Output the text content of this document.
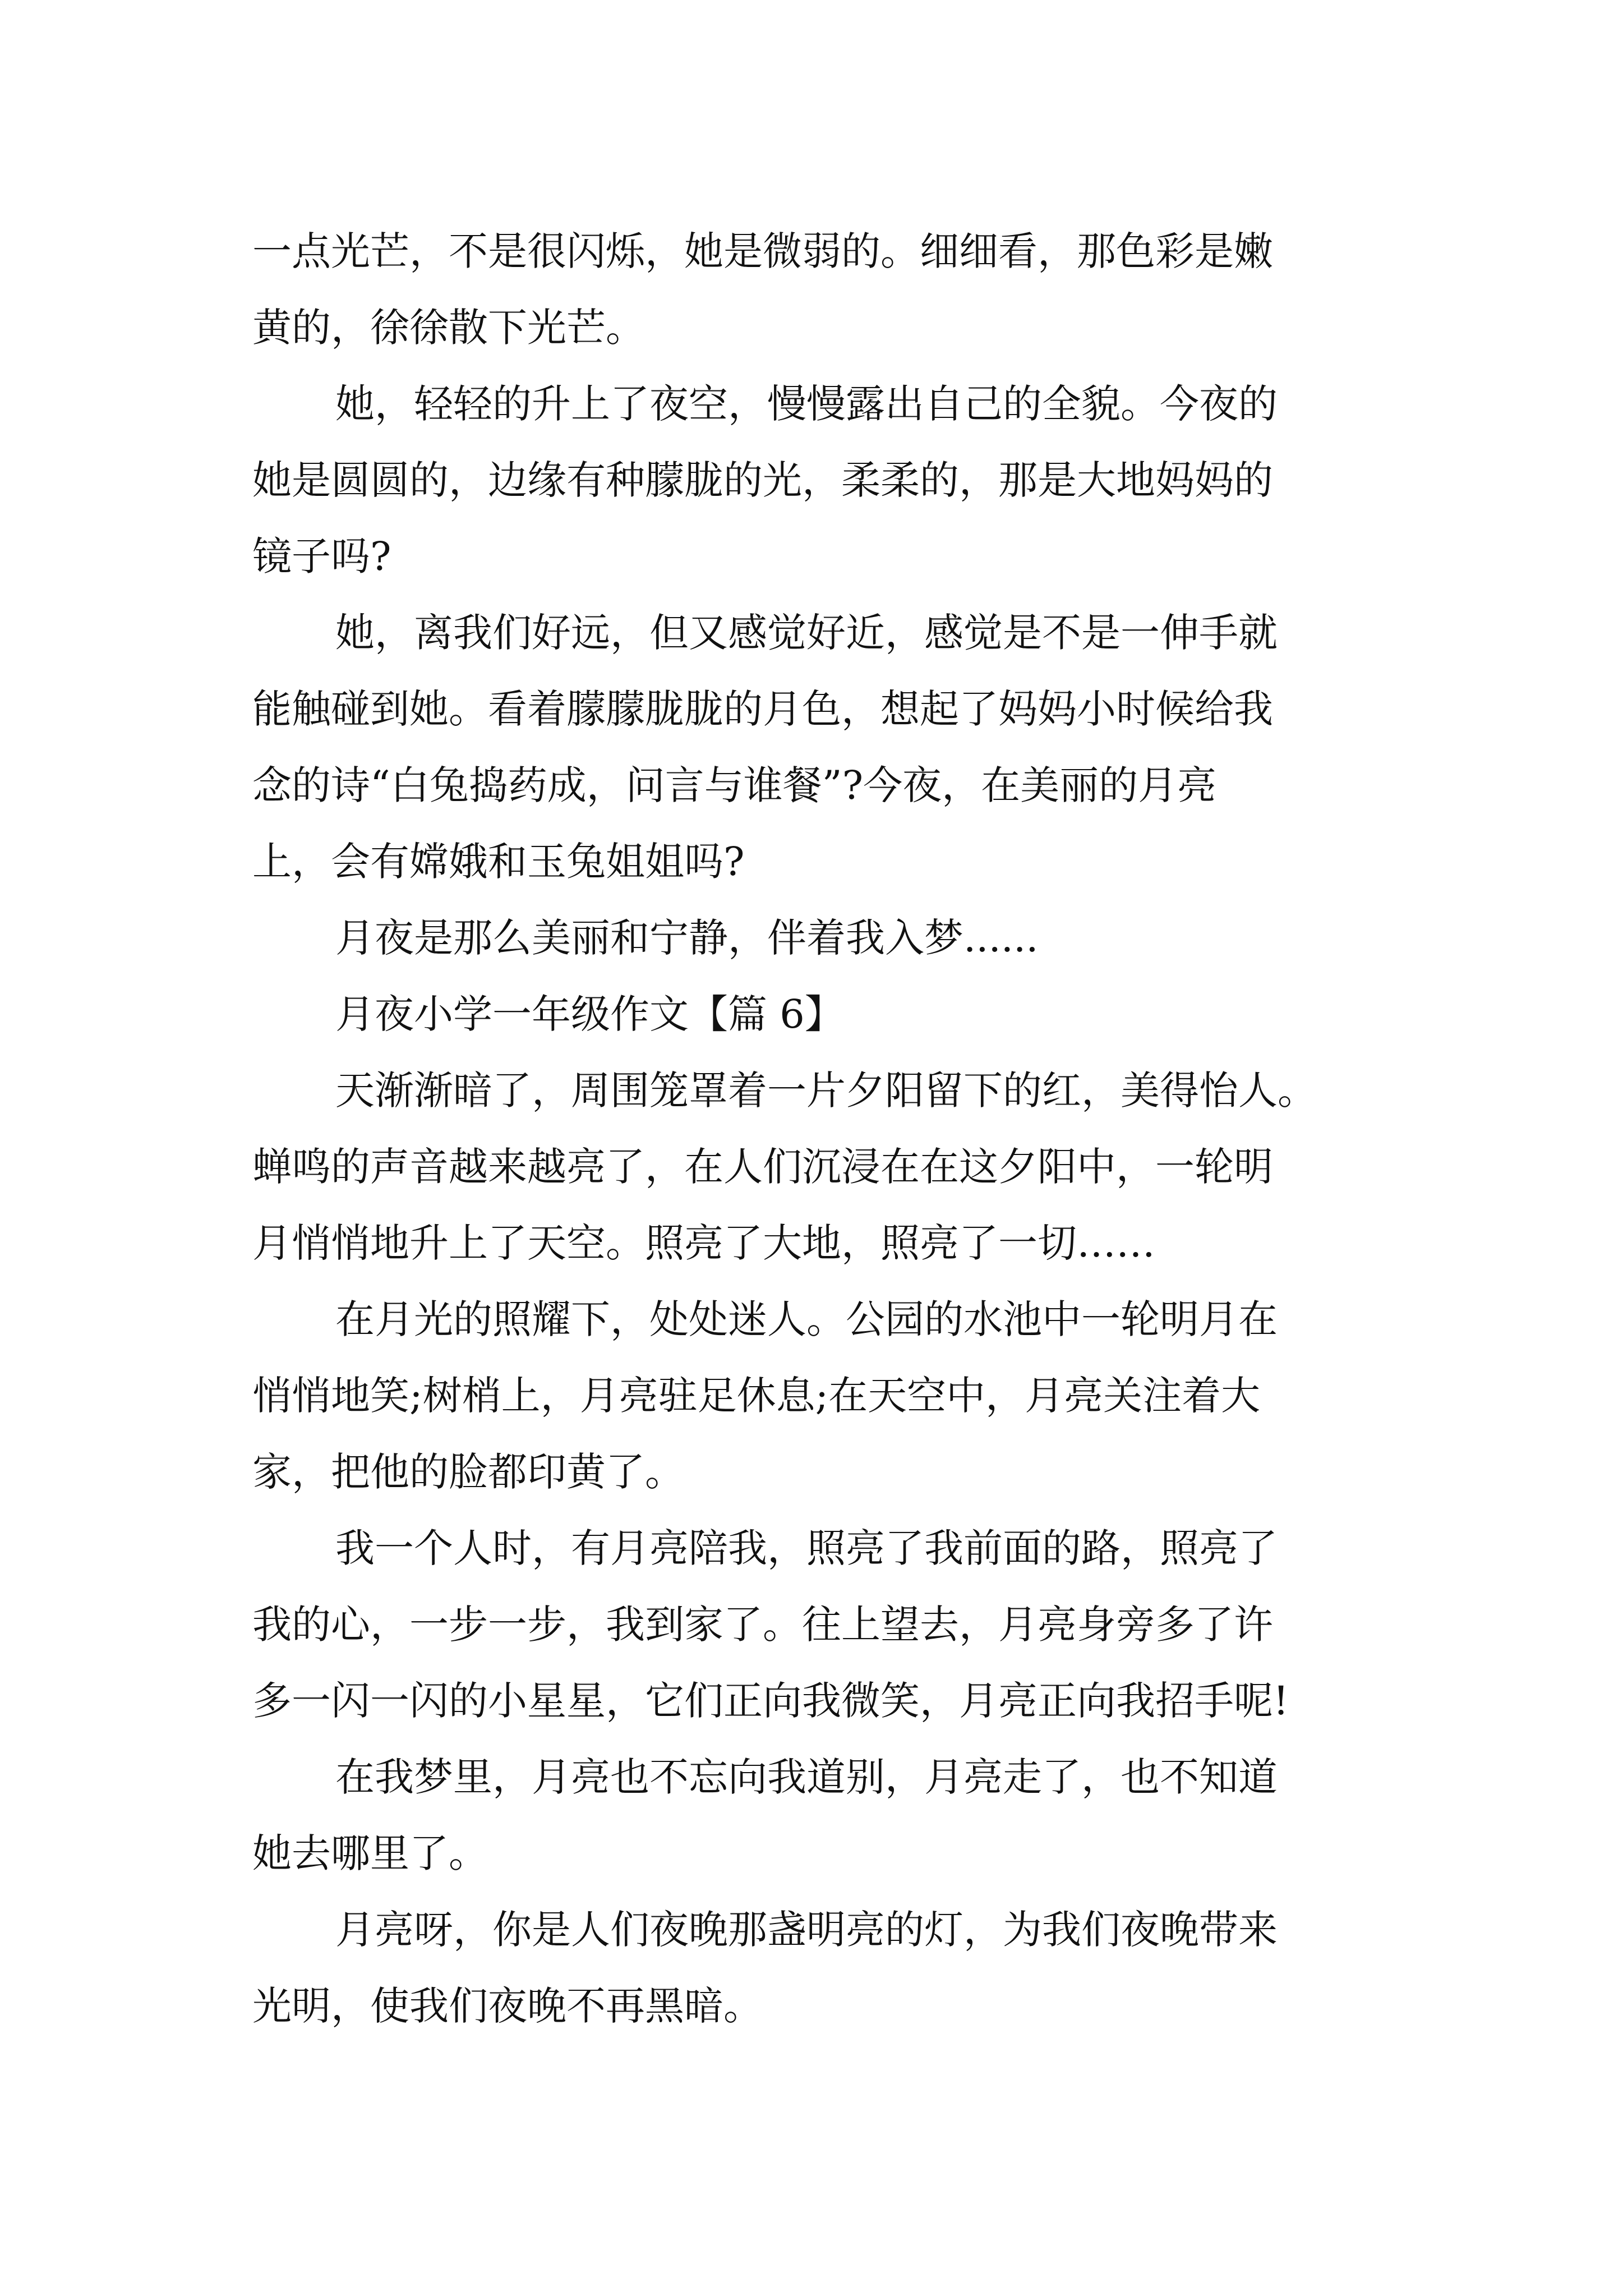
一点光芒，不是很闪烁，她是微弱的。细细看，那色彩是嫩
黄的，徐徐散下光芒。
她，轻轻的升上了夜空，慢慢露出自己的全貌。今夜的
她是圆圆的，边缘有种朦胧的光，柔柔的，那是大地妈妈的
镜子吗?
她，离我们好远，但又感觉好近，感觉是不是一伸手就
能触碰到她。看着朦朦胧胧的月色，想起了妈妈小时候给我
念的诗“白兔捣药成，问言与谁餐”?今夜，在美丽的月亮
上，会有嫦娥和玉兔姐姐吗?
月夜是那么美丽和宁静，伴着我入梦......
月夜小学一年级作文【篇 6】
天渐渐暗了，周围笼罩着一片夕阳留下的红，美得怡人。
蝉鸣的声音越来越亮了，在人们沉浸在在这夕阳中，一轮明
月悄悄地升上了天空。照亮了大地，照亮了一切……
在月光的照耀下，处处迷人。公园的水池中一轮明月在
悄悄地笑;树梢上，月亮驻足休息;在天空中，月亮关注着大
家，把他的脸都印黄了。
我一个人时，有月亮陪我，照亮了我前面的路，照亮了
我的心，一步一步，我到家了。往上望去，月亮身旁多了许
多一闪一闪的小星星，它们正向我微笑，月亮正向我招手呢!
在我梦里，月亮也不忘向我道别，月亮走了，也不知道
她去哪里了。
月亮呀，你是人们夜晚那盏明亮的灯，为我们夜晚带来
光明，使我们夜晚不再黑暗。
